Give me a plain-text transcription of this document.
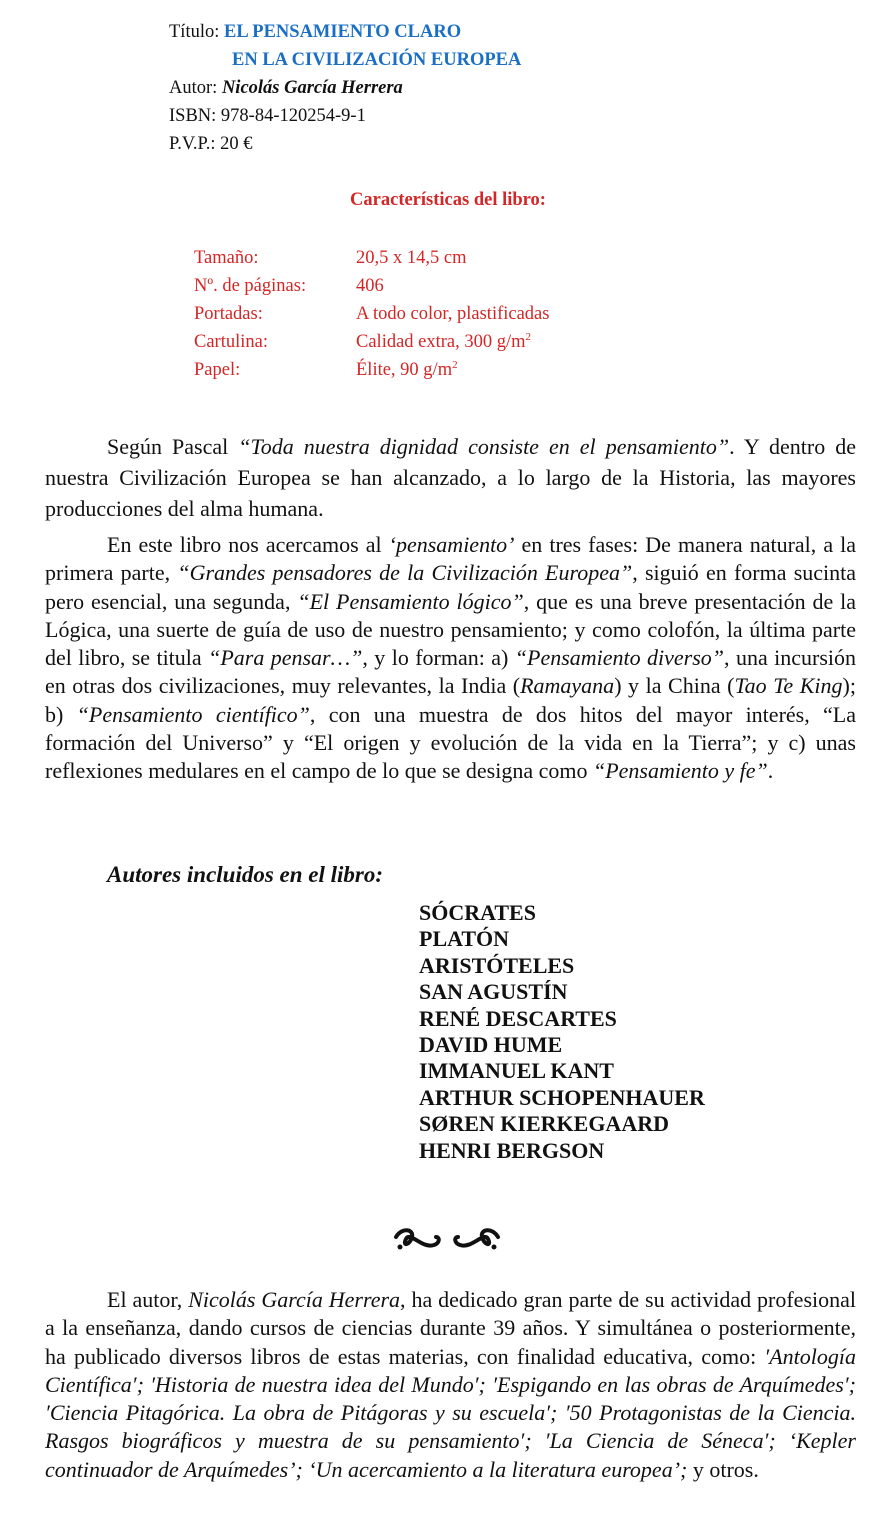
Título: EL PENSAMIENTO CLARO
EN LA CIVILIZACIÓN EUROPEA
Autor: Nicolás García Herrera
ISBN: 978-84-120254-9-1
P.V.P.: 20 €
Características del libro:
Tamaño:	20,5 x 14,5 cm
Nº. de páginas:	406
Portadas:	A todo color, plastificadas
Cartulina:	Calidad extra, 300 $g/m^2$
Papel:	Élite, 90 $g/m^2$

Según Pascal “Toda nuestra dignidad consiste en el pensamiento”. Y dentro de nuestra Civilización Europea se han alcanzado, a lo largo de la Historia, las mayores producciones del alma humana.

En este libro nos acercamos al ‘pensamiento’ en tres fases: De manera natural, a la primera parte, “Grandes pensadores de la Civilización Europea”, siguió en forma sucinta pero esencial, una segunda, “El Pensamiento lógico”, que es una breve presentación de la Lógica, una suerte de guía de uso de nuestro pensamiento; y como colofón, la última parte del libro, se titula “Para pensar…”, y lo forman: a) “Pensamiento diverso”, una incursión en otras dos civilizaciones, muy relevantes, la India (Ramayana) y la China (Tao Te King); b) “Pensamiento científico”, con una muestra de dos hitos del mayor interés, “La formación del Universo” y “El origen y evolución de la vida en la Tierra”; y c) unas reflexiones medulares en el campo de lo que se designa como “Pensamiento y fe”.

Autores incluidos en el libro:
SÓCRATES
PLATÓN
ARISTÓTELES
SAN AGUSTÍN
RENÉ DESCARTES
DAVID HUME
IMMANUEL KANT
ARTHUR SCHOPENHAUER
SØREN KIERKEGAARD
HENRI BERGSON

El autor, Nicolás García Herrera, ha dedicado gran parte de su actividad profesional a la enseñanza, dando cursos de ciencias durante 39 años. Y simultánea o posteriormente, ha publicado diversos libros de estas materias, con finalidad educativa, como: ′Antología Científica′; ′Historia de nuestra idea del Mundo′; ′Espigando en las obras de Arquímedes′; ′Ciencia Pitagórica. La obra de Pitágoras y su escuela′; ′50 Protagonistas de la Ciencia. Rasgos biográficos y muestra de su pensamiento′; ′La Ciencia de Séneca′; ‘Kepler continuador de Arquímedes’; ‘Un acercamiento a la literatura europea’; y otros.
